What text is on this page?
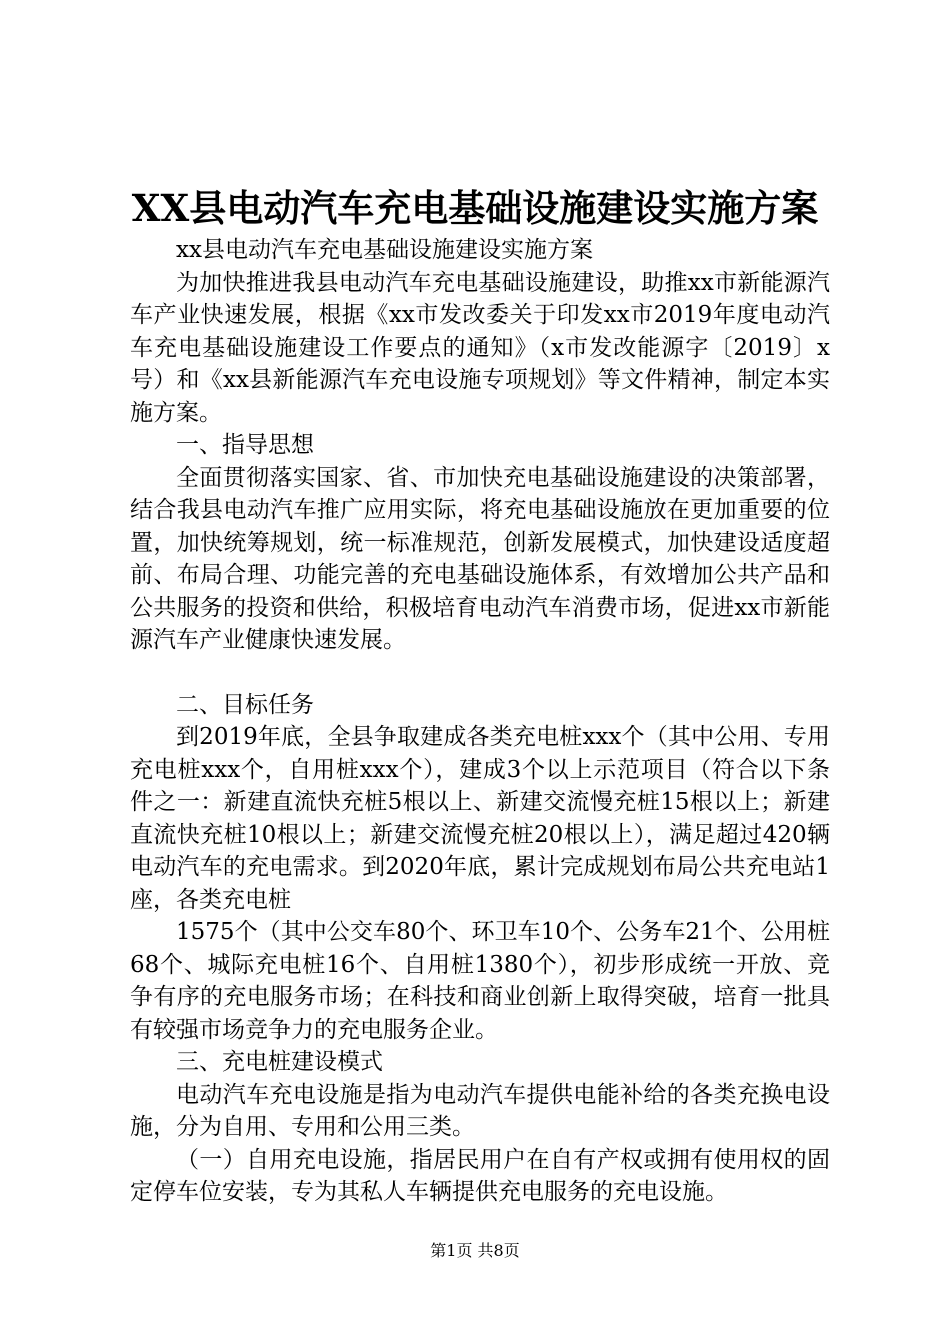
XX县电动汽车充电基础设施建设实施方案

xx县电动汽车充电基础设施建设实施方案

为加快推进我县电动汽车充电基础设施建设，助推xx市新能源汽车产业快速发展，根据《xx市发改委关于印发xx市2019年度电动汽车充电基础设施建设工作要点的通知》（x市发改能源字〔2019〕x号）和《xx县新能源汽车充电设施专项规划》等文件精神，制定本实施方案。

一、指导思想

全面贯彻落实国家、省、市加快充电基础设施建设的决策部署，结合我县电动汽车推广应用实际，将充电基础设施放在更加重要的位置，加快统筹规划，统一标准规范，创新发展模式，加快建设适度超前、布局合理、功能完善的充电基础设施体系，有效增加公共产品和公共服务的投资和供给，积极培育电动汽车消费市场，促进xx市新能源汽车产业健康快速发展。

二、目标任务

到2019年底，全县争取建成各类充电桩xxx个（其中公用、专用充电桩xxx个，自用桩xxx个），建成3个以上示范项目（符合以下条件之一：新建直流快充桩5根以上、新建交流慢充桩15根以上；新建直流快充桩10根以上；新建交流慢充桩20根以上），满足超过420辆电动汽车的充电需求。到2020年底，累计完成规划布局公共充电站1座，各类充电桩

1575个（其中公交车80个、环卫车10个、公务车21个、公用桩68个、城际充电桩16个、自用桩1380个），初步形成统一开放、竞争有序的充电服务市场；在科技和商业创新上取得突破，培育一批具有较强市场竞争力的充电服务企业。

三、充电桩建设模式

电动汽车充电设施是指为电动汽车提供电能补给的各类充换电设施，分为自用、专用和公用三类。

（一）自用充电设施，指居民用户在自有产权或拥有使用权的固定停车位安装，专为其私人车辆提供充电服务的充电设施。

第1页 共8页
